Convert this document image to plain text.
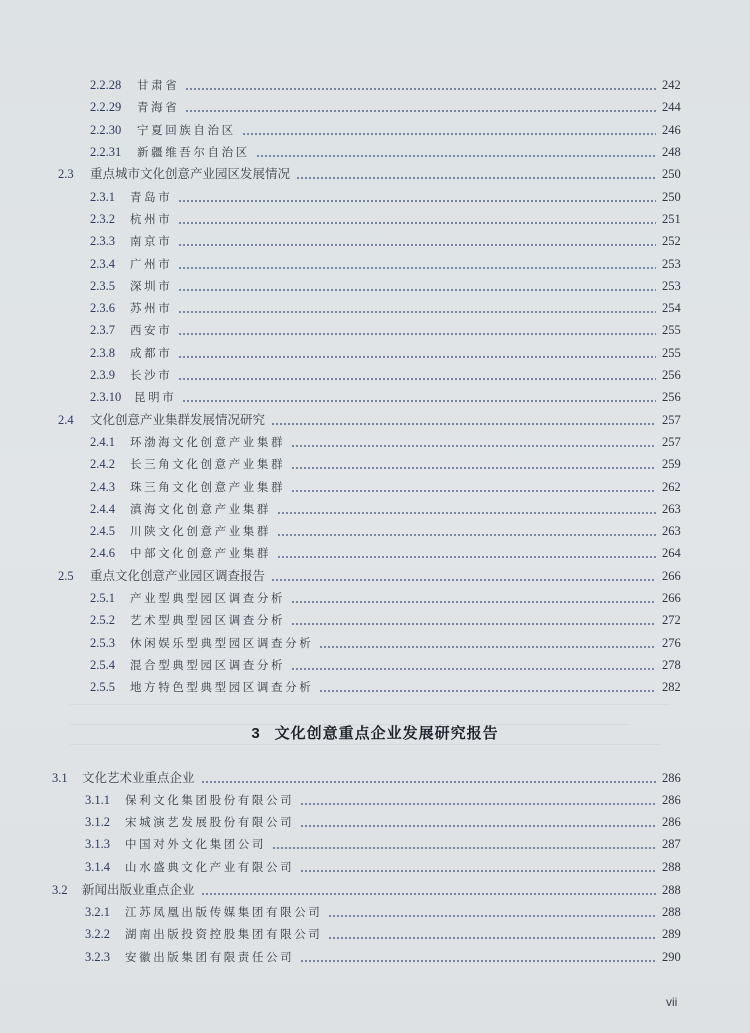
2.2.28	甘肃省	242
2.2.29	青海省	244
2.2.30	宁夏回族自治区	246
2.2.31	新疆维吾尔自治区	248
2.3	重点城市文化创意产业园区发展情况	250
2.3.1	青岛市	250
2.3.2	杭州市	251
2.3.3	南京市	252
2.3.4	广州市	253
2.3.5	深圳市	253
2.3.6	苏州市	254
2.3.7	西安市	255
2.3.8	成都市	255
2.3.9	长沙市	256
2.3.10	昆明市	256
2.4	文化创意产业集群发展情况研究	257
2.4.1	环渤海文化创意产业集群	257
2.4.2	长三角文化创意产业集群	259
2.4.3	珠三角文化创意产业集群	262
2.4.4	滇海文化创意产业集群	263
2.4.5	川陕文化创意产业集群	263
2.4.6	中部文化创意产业集群	264
2.5	重点文化创意产业园区调查报告	266
2.5.1	产业型典型园区调查分析	266
2.5.2	艺术型典型园区调查分析	272
2.5.3	休闲娱乐型典型园区调查分析	276
2.5.4	混合型典型园区调查分析	278
2.5.5	地方特色型典型园区调查分析	282
3 文化创意重点企业发展研究报告
3.1	文化艺术业重点企业	286
3.1.1	保利文化集团股份有限公司	286
3.1.2	宋城演艺发展股份有限公司	286
3.1.3	中国对外文化集团公司	287
3.1.4	山水盛典文化产业有限公司	288
3.2	新闻出版业重点企业	288
3.2.1	江苏凤凰出版传媒集团有限公司	288
3.2.2	湖南出版投资控股集团有限公司	289
3.2.3	安徽出版集团有限责任公司	290
vii
